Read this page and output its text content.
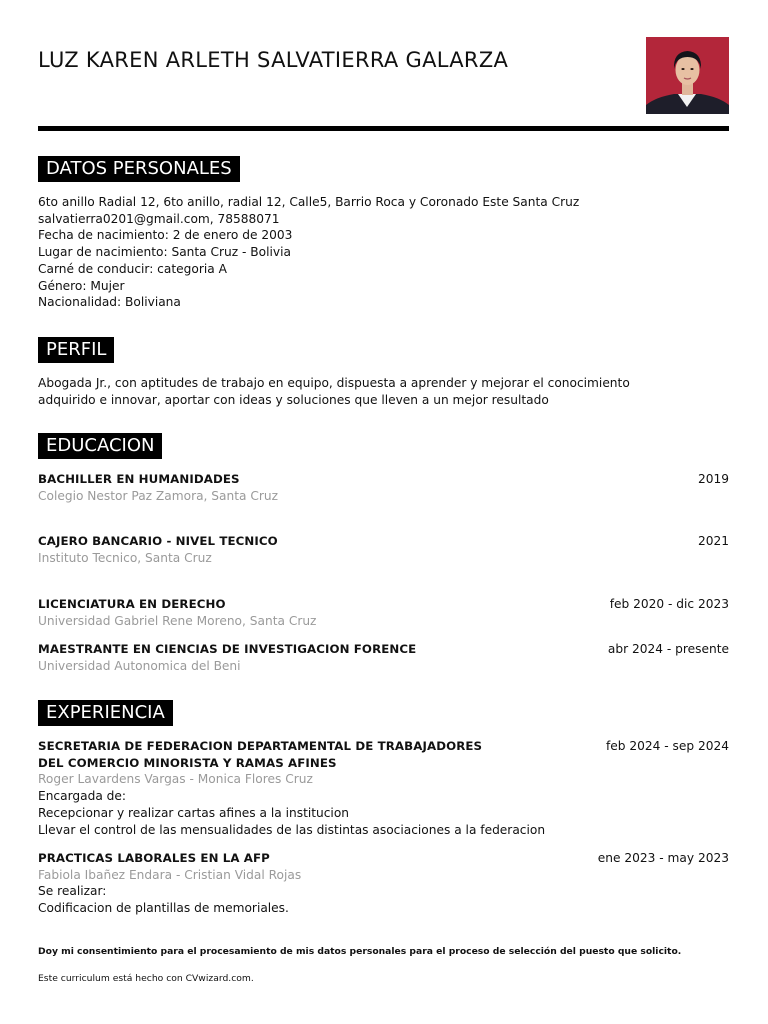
LUZ KAREN ARLETH SALVATIERRA GALARZA
DATOS PERSONALES
6to anillo Radial 12, 6to anillo, radial 12, Calle5, Barrio Roca y Coronado Este Santa Cruz
salvatierra0201@gmail.com, 78588071
Fecha de nacimiento: 2 de enero de 2003
Lugar de nacimiento: Santa Cruz - Bolivia
Carné de conducir: categoria A
Género: Mujer
Nacionalidad: Boliviana
PERFIL
Abogada Jr., con aptitudes de trabajo en equipo, dispuesta a aprender y mejorar el conocimiento
adquirido e innovar, aportar con ideas y soluciones que lleven a un mejor resultado
EDUCACION
BACHILLER EN HUMANIDADES
Colegio Nestor Paz Zamora, Santa Cruz
2019
CAJERO BANCARIO - NIVEL TECNICO
Instituto Tecnico, Santa Cruz
2021
LICENCIATURA EN DERECHO
Universidad Gabriel Rene Moreno, Santa Cruz
feb 2020 - dic 2023
MAESTRANTE EN CIENCIAS DE INVESTIGACION FORENCE
Universidad Autonomica del Beni
abr 2024 - presente
EXPERIENCIA
SECRETARIA DE FEDERACION DEPARTAMENTAL DE TRABAJADORES
DEL COMERCIO MINORISTA Y RAMAS AFINES
Roger Lavardens Vargas - Monica Flores Cruz
Encargada de:
Recepcionar y realizar cartas afines a la institucion
Llevar el control de las mensualidades de las distintas asociaciones a la federacion
feb 2024 - sep 2024
PRACTICAS LABORALES EN LA AFP
Fabiola Ibañez Endara - Cristian Vidal Rojas
Se realizar:
Codificacion de plantillas de memoriales.
ene 2023 - may 2023
Doy mi consentimiento para el procesamiento de mis datos personales para el proceso de selección del puesto que solicito.
Este curriculum está hecho con CVwizard.com.
